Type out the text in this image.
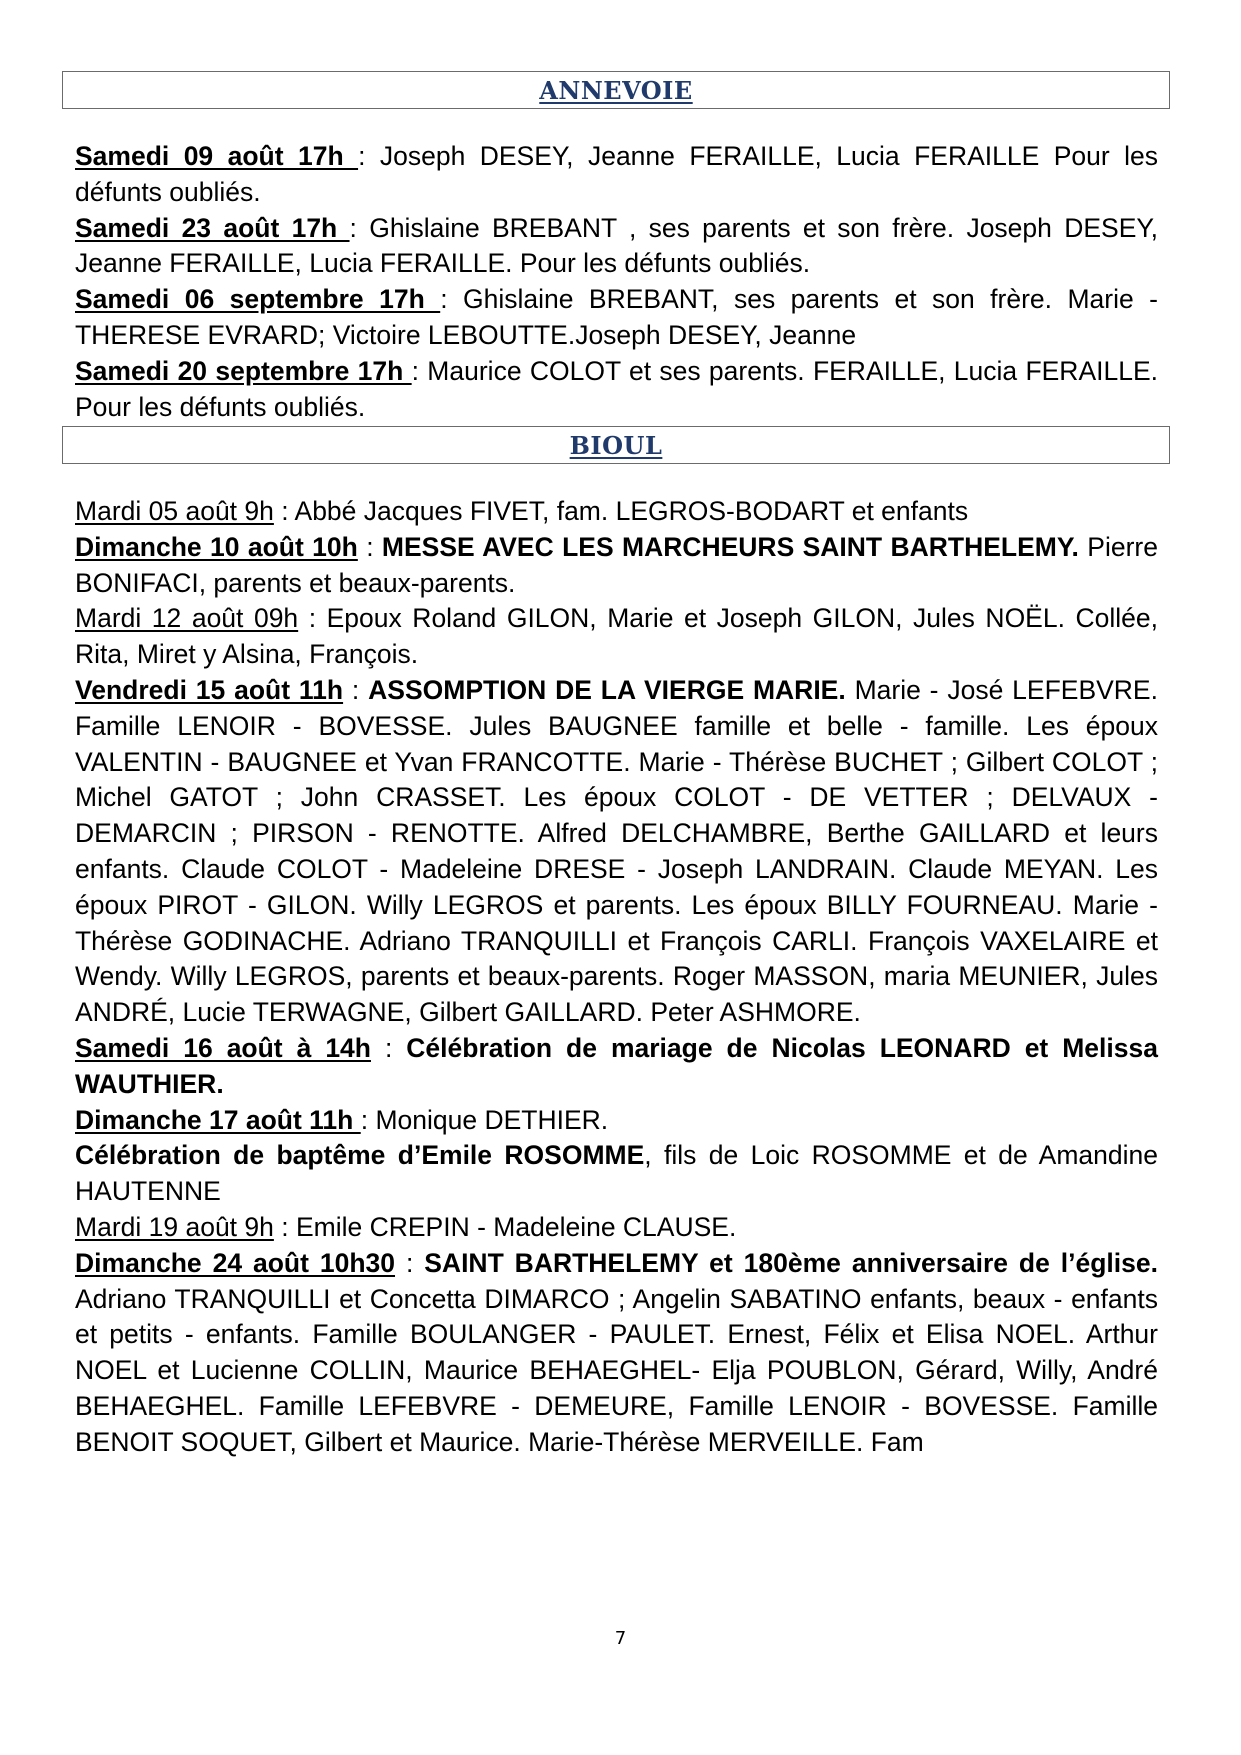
ANNEVOIE

Samedi 09 août 17h : Joseph DESEY, Jeanne FERAILLE, Lucia FERAILLE Pour les défunts oubliés.

Samedi 23 août 17h : Ghislaine BREBANT , ses parents et son frère. Joseph DESEY, Jeanne FERAILLE, Lucia FERAILLE. Pour les défunts oubliés.

Samedi 06 septembre 17h : Ghislaine BREBANT, ses parents et son frère. Marie - THERESE EVRARD; Victoire LEBOUTTE.Joseph DESEY, Jeanne

Samedi 20 septembre 17h : Maurice COLOT et ses parents. FERAILLE, Lucia FERAILLE. Pour les défunts oubliés.

BIOUL

Mardi 05 août 9h : Abbé Jacques FIVET, fam. LEGROS-BODART et enfants

Dimanche 10 août 10h : MESSE AVEC LES MARCHEURS SAINT BARTHELEMY. Pierre BONIFACI, parents et beaux-parents.

Mardi 12 août 09h : Epoux Roland GILON, Marie et Joseph GILON, Jules NOËL. Collée, Rita, Miret y Alsina, François.

Vendredi 15 août 11h : ASSOMPTION DE LA VIERGE MARIE. Marie - José LEFEBVRE. Famille LENOIR - BOVESSE. Jules BAUGNEE famille et belle - famille. Les époux VALENTIN - BAUGNEE et Yvan FRANCOTTE. Marie - Thérèse BUCHET ; Gilbert COLOT ; Michel GATOT ; John CRASSET. Les époux COLOT - DE VETTER ; DELVAUX - DEMARCIN ; PIRSON - RENOTTE. Alfred DELCHAMBRE, Berthe GAILLARD et leurs enfants. Claude COLOT - Madeleine DRESE - Joseph LANDRAIN. Claude MEYAN. Les époux PIROT - GILON. Willy LEGROS et parents. Les époux BILLY FOURNEAU. Marie - Thérèse GODINACHE. Adriano TRANQUILLI et François CARLI. François VAXELAIRE et Wendy. Willy LEGROS, parents et beaux-parents. Roger MASSON, maria MEUNIER, Jules ANDRÉ, Lucie TERWAGNE, Gilbert GAILLARD. Peter ASHMORE.

Samedi 16 août à 14h : Célébration de mariage de Nicolas LEONARD et Melissa WAUTHIER.

Dimanche 17 août 11h : Monique DETHIER.

Célébration de baptême d’Emile ROSOMME, fils de Loic ROSOMME et de Amandine HAUTENNE

Mardi 19 août 9h : Emile CREPIN - Madeleine CLAUSE.

Dimanche 24 août 10h30 : SAINT BARTHELEMY et 180ème anniversaire de l’église. Adriano TRANQUILLI et Concetta DIMARCO ; Angelin SABATINO enfants, beaux - enfants et petits - enfants. Famille BOULANGER - PAULET. Ernest, Félix et Elisa NOEL. Arthur NOEL et Lucienne COLLIN, Maurice BEHAEGHEL- Elja POUBLON, Gérard, Willy, André BEHAEGHEL. Famille LEFEBVRE - DEMEURE, Famille LENOIR - BOVESSE. Famille BENOIT SOQUET, Gilbert et Maurice. Marie-Thérèse MERVEILLE. Fam

7
